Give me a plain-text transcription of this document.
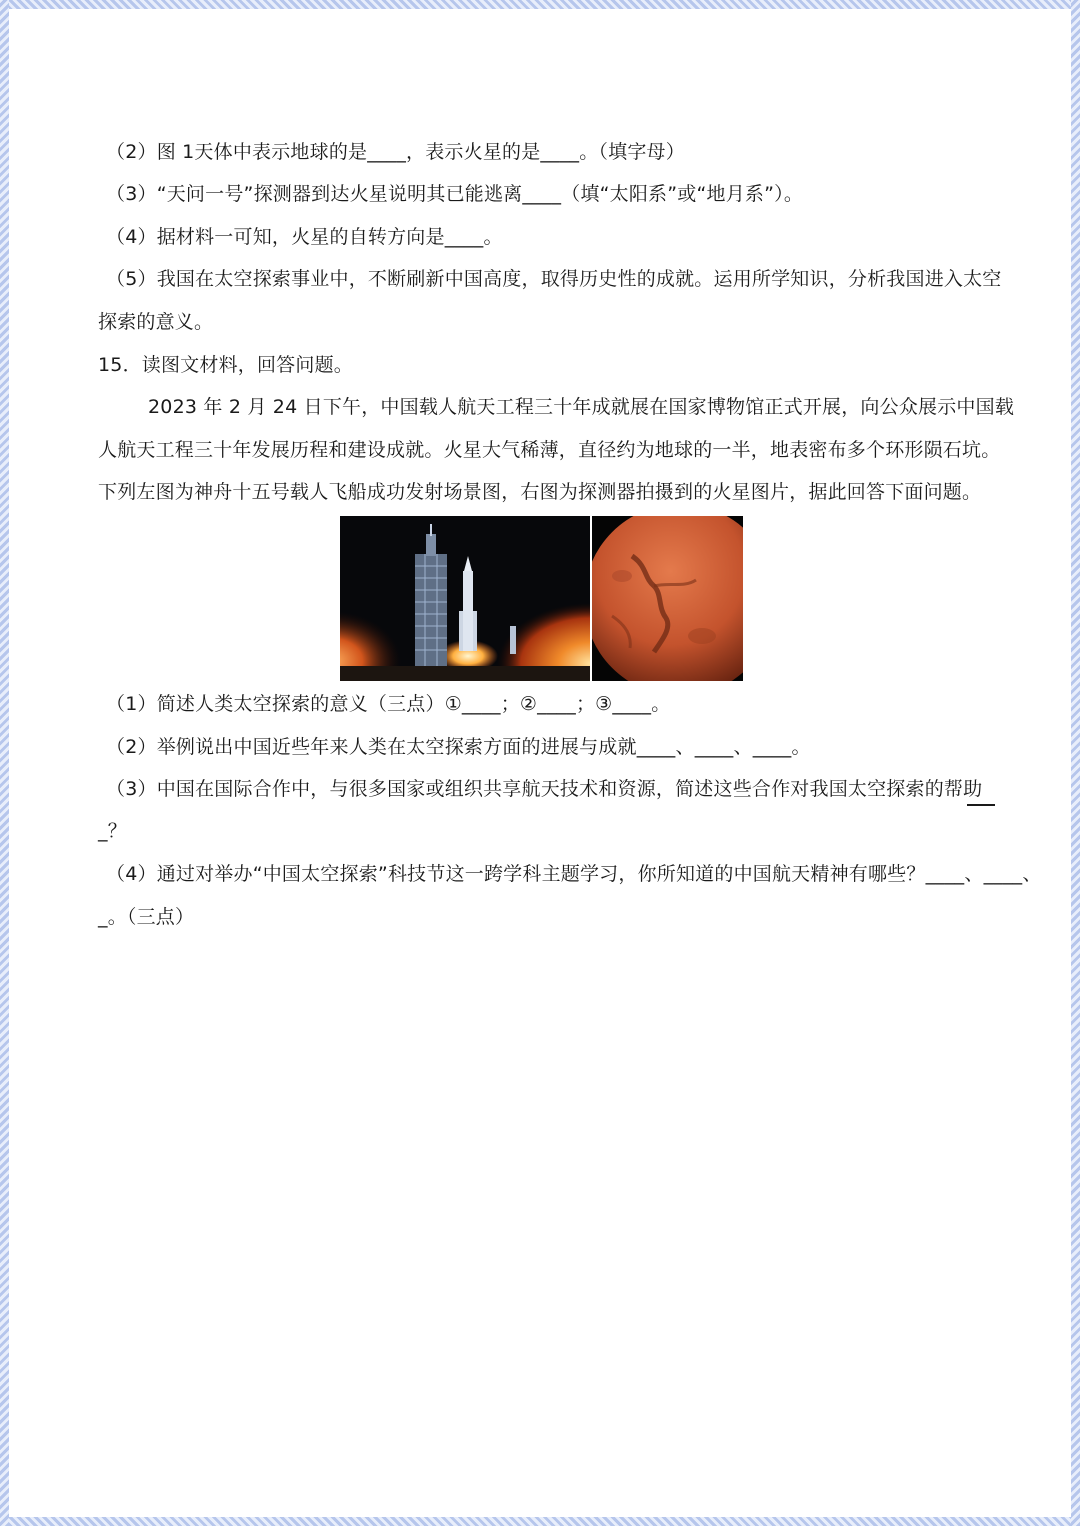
（2）图 1天体中表示地球的是____，表示火星的是____。（填字母）
（3）“天问一号”探测器到达火星说明其已能逃离____（填“太阳系”或“地月系”）。
（4）据材料一可知，火星的自转方向是____。
（5）我国在太空探索事业中，不断刷新中国高度，取得历史性的成就。运用所学知识，分析我国进入太空
探索的意义。
15．读图文材料，回答问题。
2023 年 2 月 24 日下午，中国载人航天工程三十年成就展在国家博物馆正式开展，向公众展示中国载
人航天工程三十年发展历程和建设成就。火星大气稀薄，直径约为地球的一半，地表密布多个环形陨石坑。
下列左图为神舟十五号载人飞船成功发射场景图，右图为探测器拍摄到的火星图片，据此回答下面问题。
（1）简述人类太空探索的意义（三点）①____；②____；③____。
（2）举例说出中国近些年来人类在太空探索方面的进展与成就____、____、____。
（3）中国在国际合作中，与很多国家或组织共享航天技术和资源，简述这些合作对我国太空探索的帮助
_？
（4）通过对举办“中国太空探索”科技节这一跨学科主题学习，你所知道的中国航天精神有哪些？____、____、
_。（三点）
